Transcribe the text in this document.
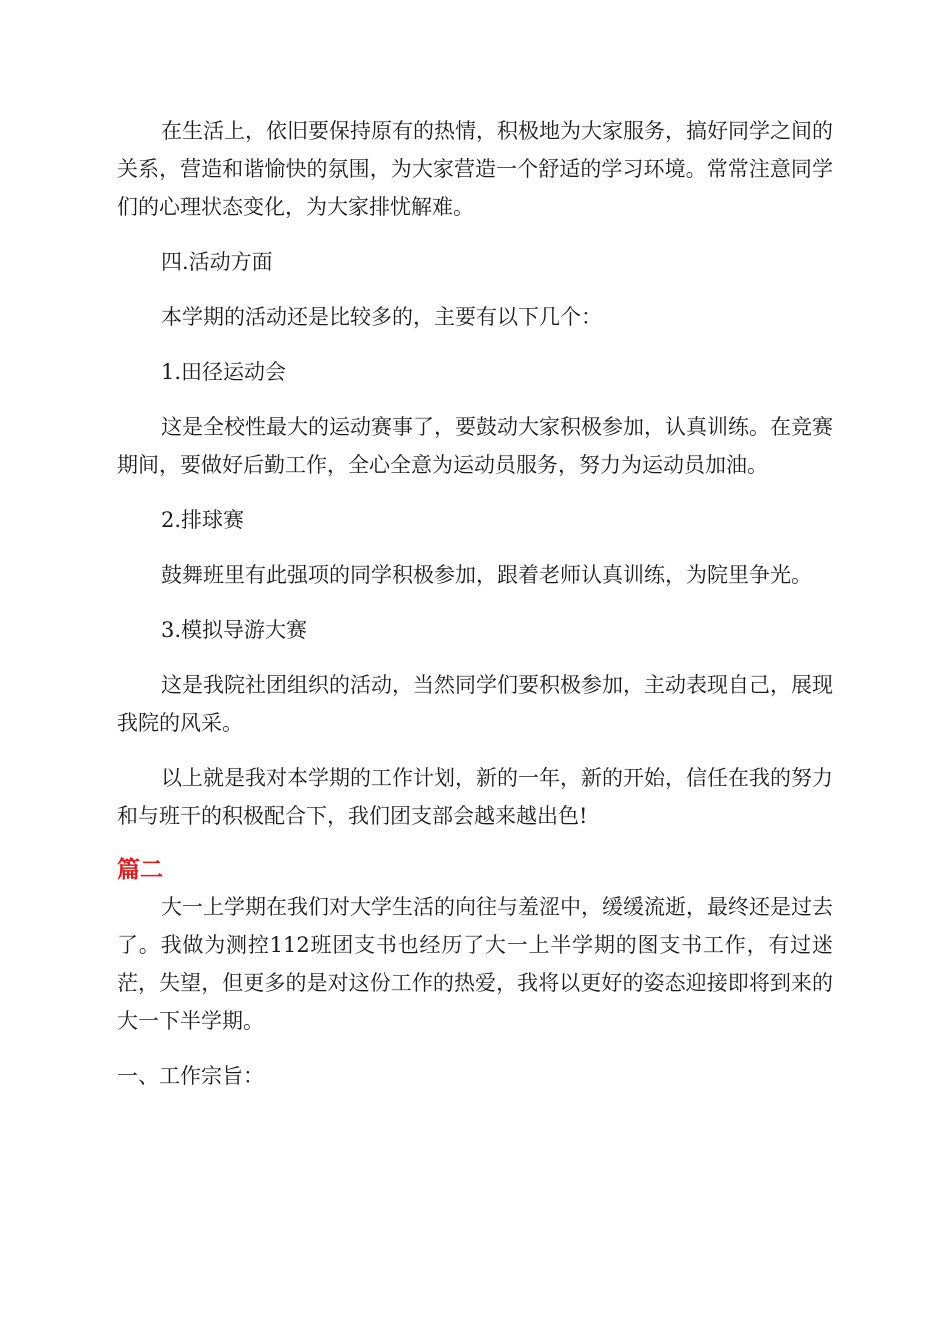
在生活上，依旧要保持原有的热情，积极地为大家服务，搞好同学之间的关系，营造和谐愉快的氛围，为大家营造一个舒适的学习环境。常常注意同学们的心理状态变化，为大家排忧解难。

四.活动方面

本学期的活动还是比较多的，主要有以下几个：

1.田径运动会

这是全校性最大的运动赛事了，要鼓动大家积极参加，认真训练。在竞赛期间，要做好后勤工作，全心全意为运动员服务，努力为运动员加油。

2.排球赛

鼓舞班里有此强项的同学积极参加，跟着老师认真训练，为院里争光。

3.模拟导游大赛

这是我院社团组织的活动，当然同学们要积极参加，主动表现自己，展现我院的风采。

以上就是我对本学期的工作计划，新的一年，新的开始，信任在我的努力和与班干的积极配合下，我们团支部会越来越出色!

篇二

大一上学期在我们对大学生活的向往与羞涩中，缓缓流逝，最终还是过去了。我做为测控112班团支书也经历了大一上半学期的图支书工作，有过迷茫，失望，但更多的是对这份工作的热爱，我将以更好的姿态迎接即将到来的大一下半学期。

一、工作宗旨：
